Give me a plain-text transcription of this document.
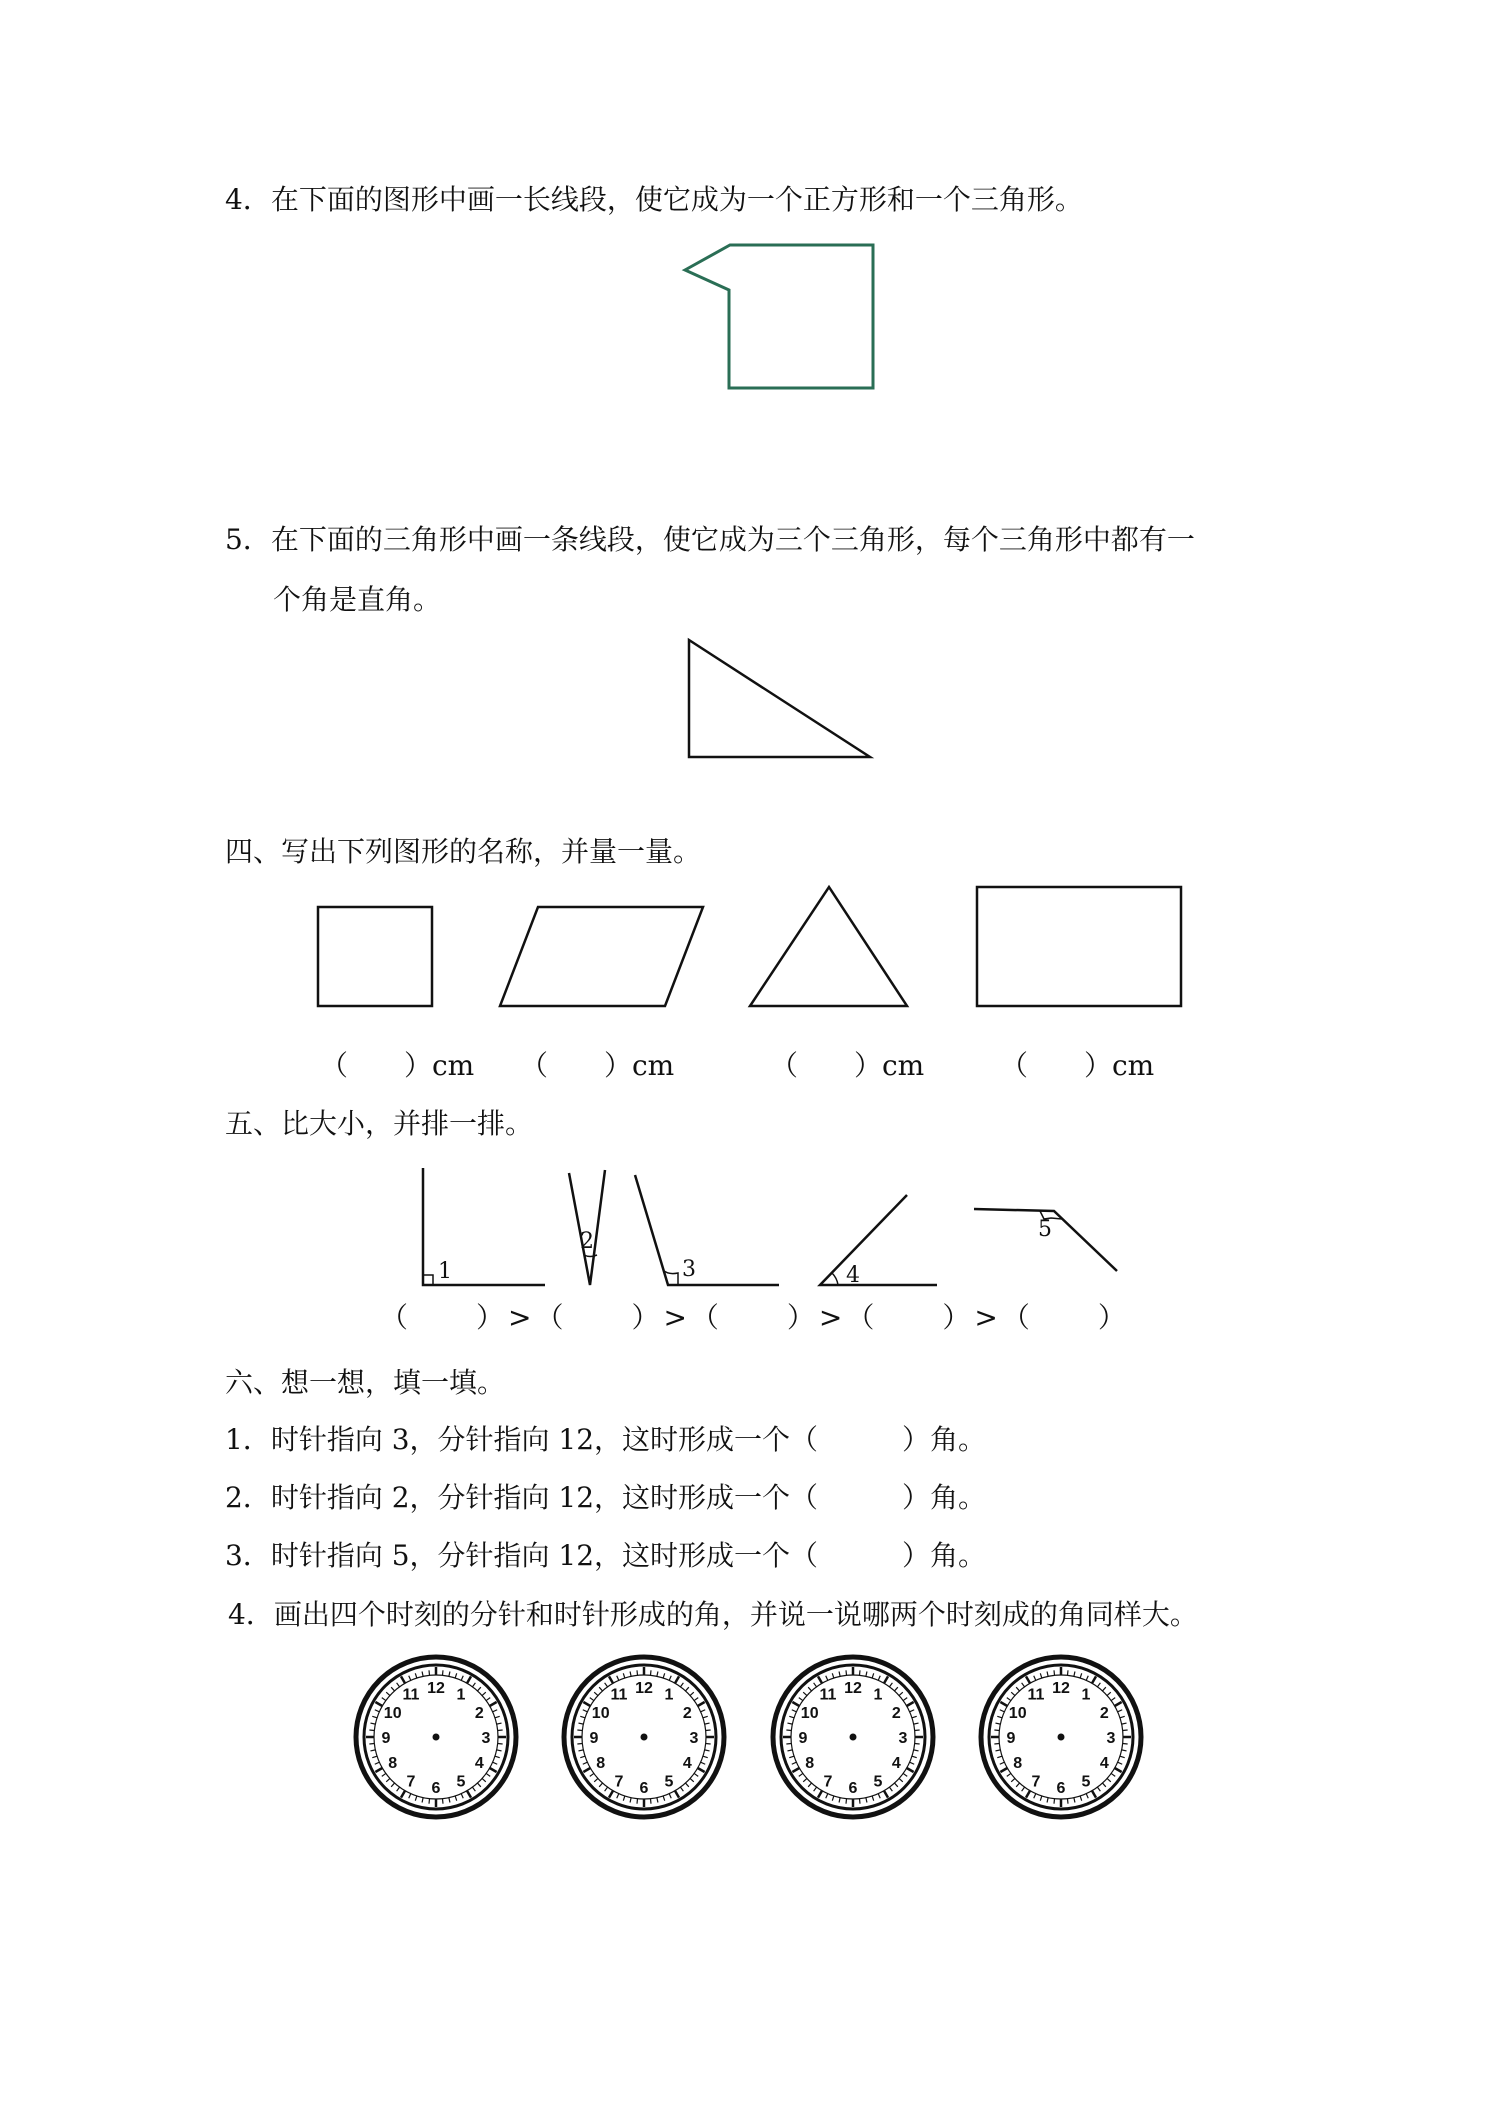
4．在下面的图形中画一长线段，使它成为一个正方形和一个三角形。
5．在下面的三角形中画一条线段，使它成为三个三角形，每个三角形中都有一
个角是直角。
四、写出下列图形的名称，并量一量。
（　　）cm （　　）cm	（　　）cm	（　　）cm
五、比大小，并排一排。
1
2
3	4
5
（　　）>（　　）>（　　）>（　　）>（　　）
六、想一想，填一填。
1．时针指向 3，分针指向 12，这时形成一个（　　　）角。
2．时针指向 2，分针指向 12，这时形成一个（　　　）角。
3．时针指向 5，分针指向 12，这时形成一个（　　　）角。
4．画出四个时刻的分针和时针形成的角，并说一说哪两个时刻成的角同样大。
12 1
2
3
4
5
6
7
8
9
10
11	12 1
2
3
4
5
6
7
8
9
10
11	12 1
2
3
4
5
6
7
8
9
10
11	12 1
2
3
4
5
6
7
8
9
10
11
